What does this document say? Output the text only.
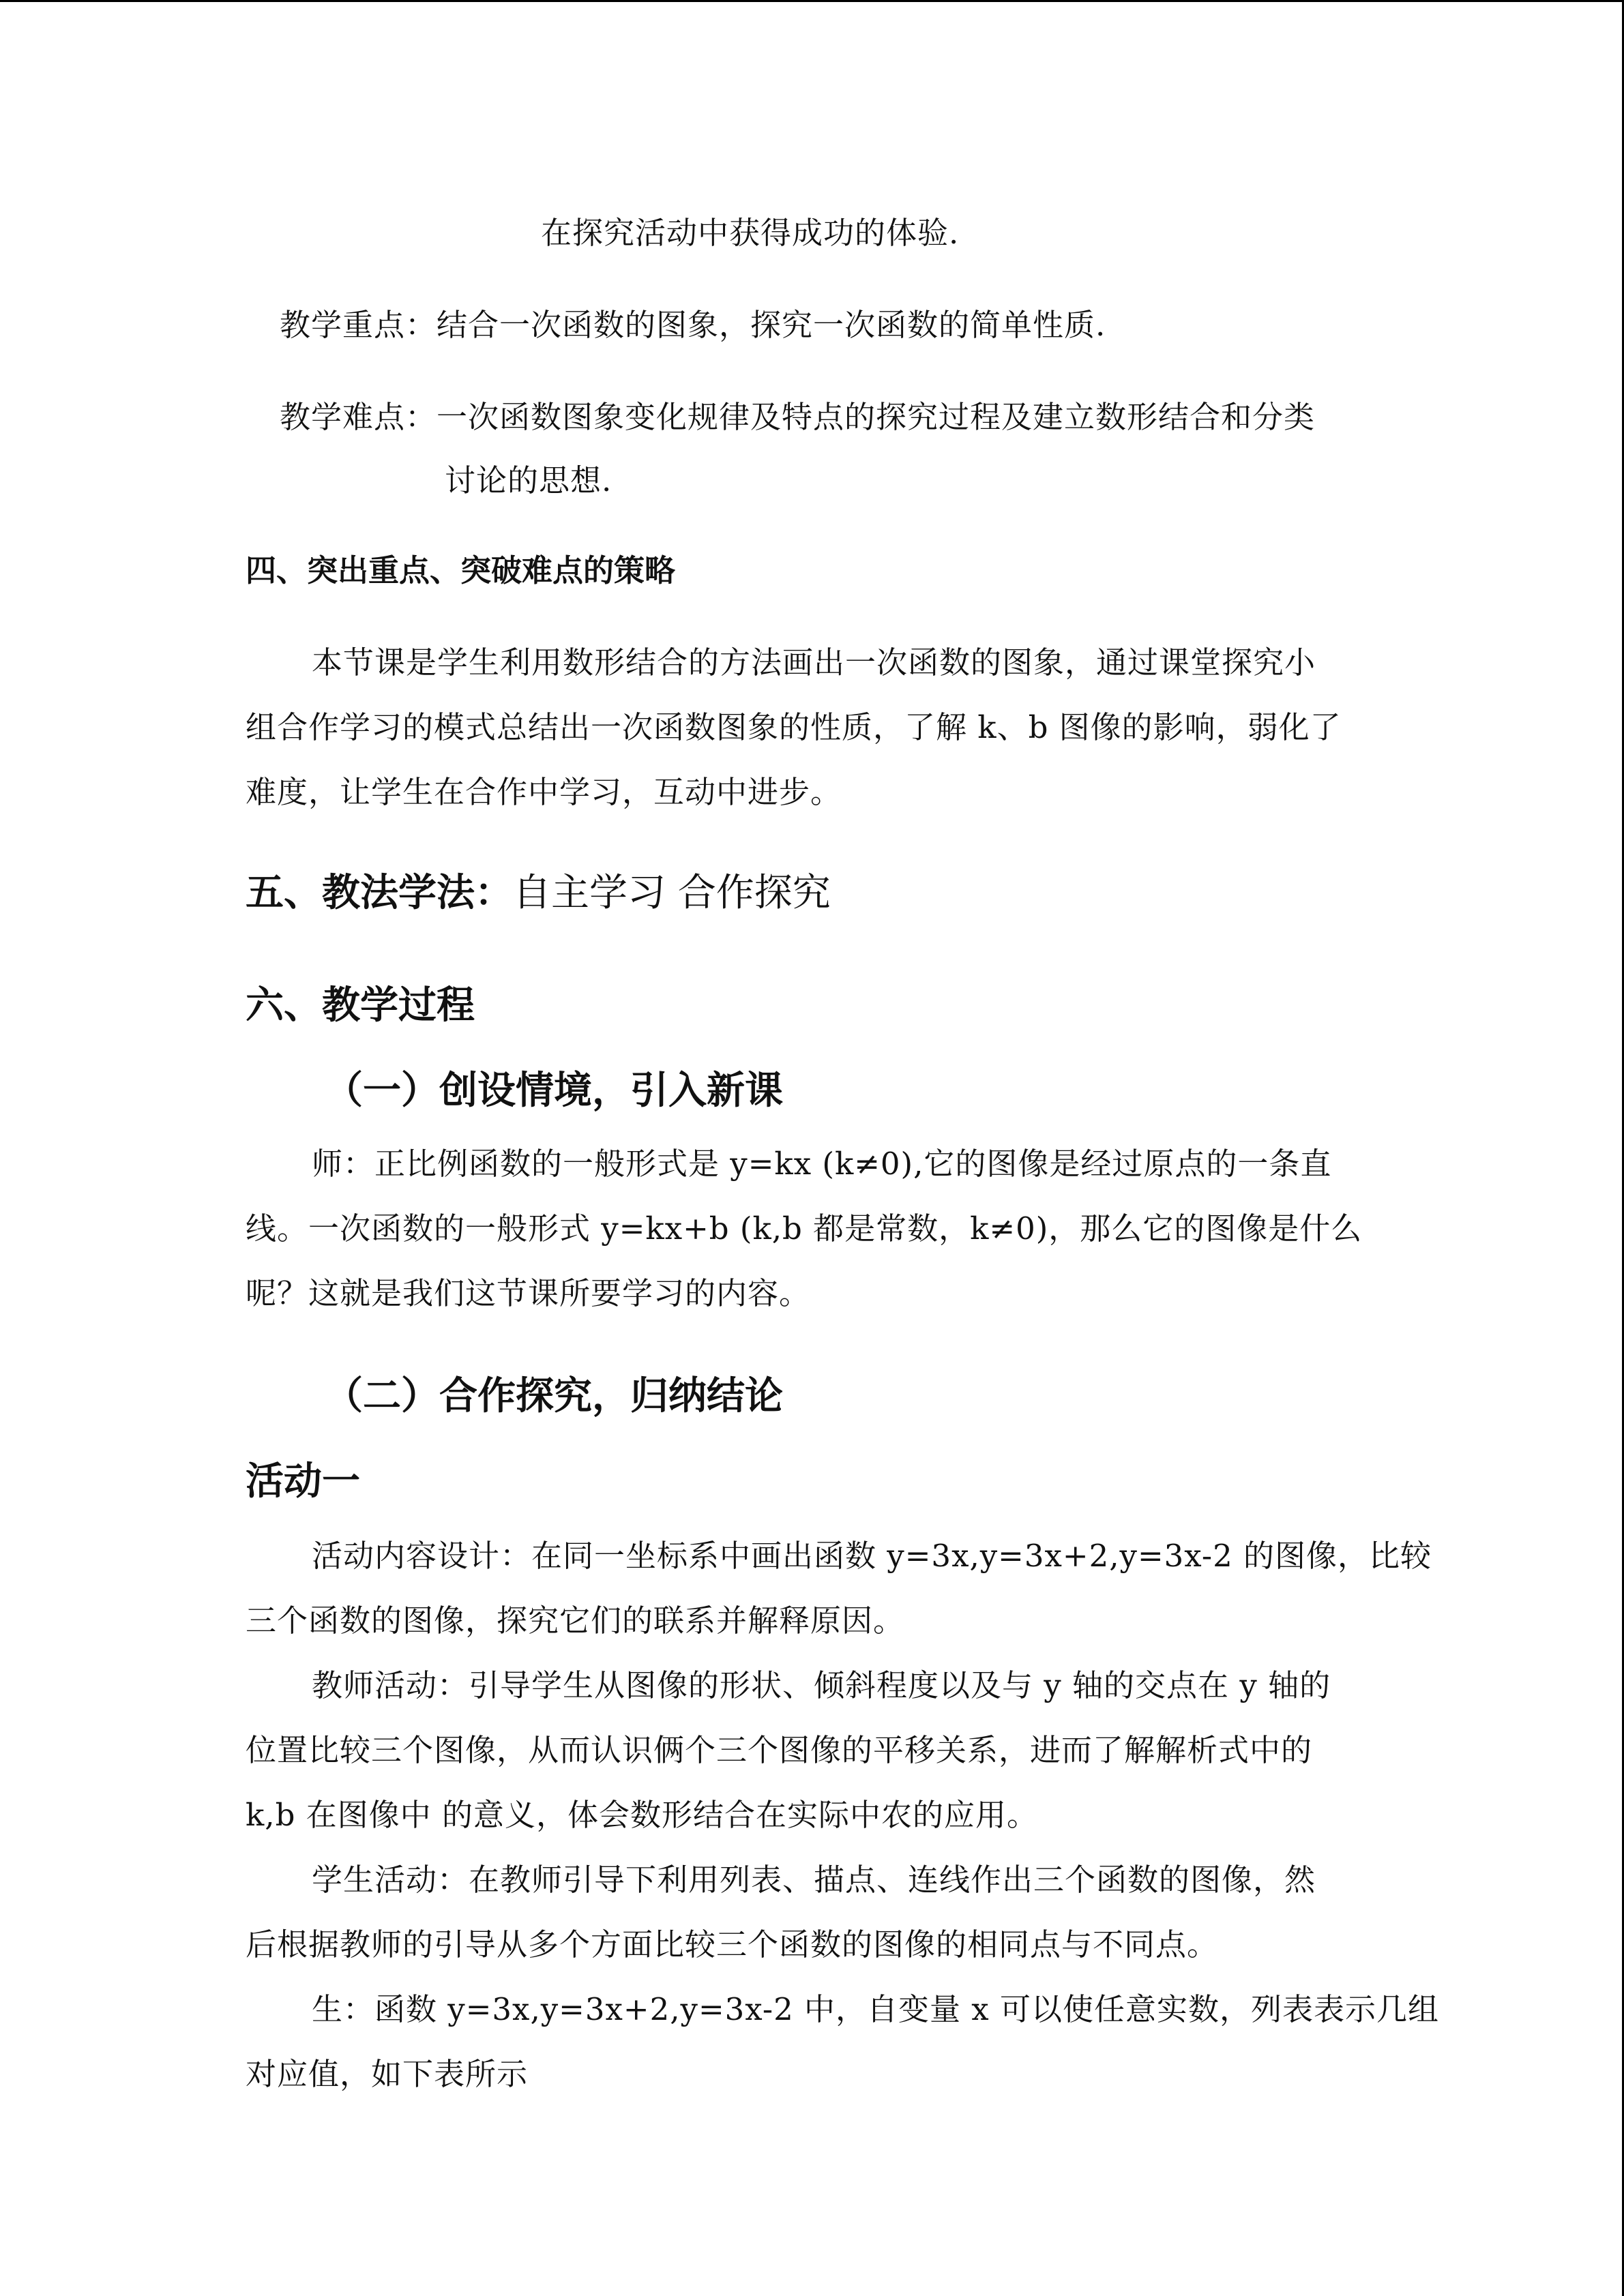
在探究活动中获得成功的体验.
教学重点：结合一次函数的图象，探究一次函数的简单性质.
教学难点：一次函数图象变化规律及特点的探究过程及建立数形结合和分类
讨论的思想.
四、突出重点、突破难点的策略
本节课是学生利用数形结合的方法画出一次函数的图象，通过课堂探究小
组合作学习的模式总结出一次函数图象的性质，了解 k、b 图像的影响，弱化了
难度，让学生在合作中学习，互动中进步。
五、教法学法：自主学习 合作探究
六、教学过程
（一）创设情境，引入新课
师：正比例函数的一般形式是 y=kx (k≠0),它的图像是经过原点的一条直
线。一次函数的一般形式 y=kx+b (k,b 都是常数，k≠0)，那么它的图像是什么
呢？这就是我们这节课所要学习的内容。
（二）合作探究，归纳结论
活动一
活动内容设计：在同一坐标系中画出函数 y=3x,y=3x+2,y=3x-2 的图像，比较
三个函数的图像，探究它们的联系并解释原因。
教师活动：引导学生从图像的形状、倾斜程度以及与 y 轴的交点在 y 轴的
位置比较三个图像，从而认识俩个三个图像的平移关系，进而了解解析式中的
k,b 在图像中 的意义，体会数形结合在实际中农的应用。
学生活动：在教师引导下利用列表、描点、连线作出三个函数的图像，然
后根据教师的引导从多个方面比较三个函数的图像的相同点与不同点。
生：函数 y=3x,y=3x+2,y=3x-2 中，自变量 x 可以使任意实数，列表表示几组
对应值，如下表所示
